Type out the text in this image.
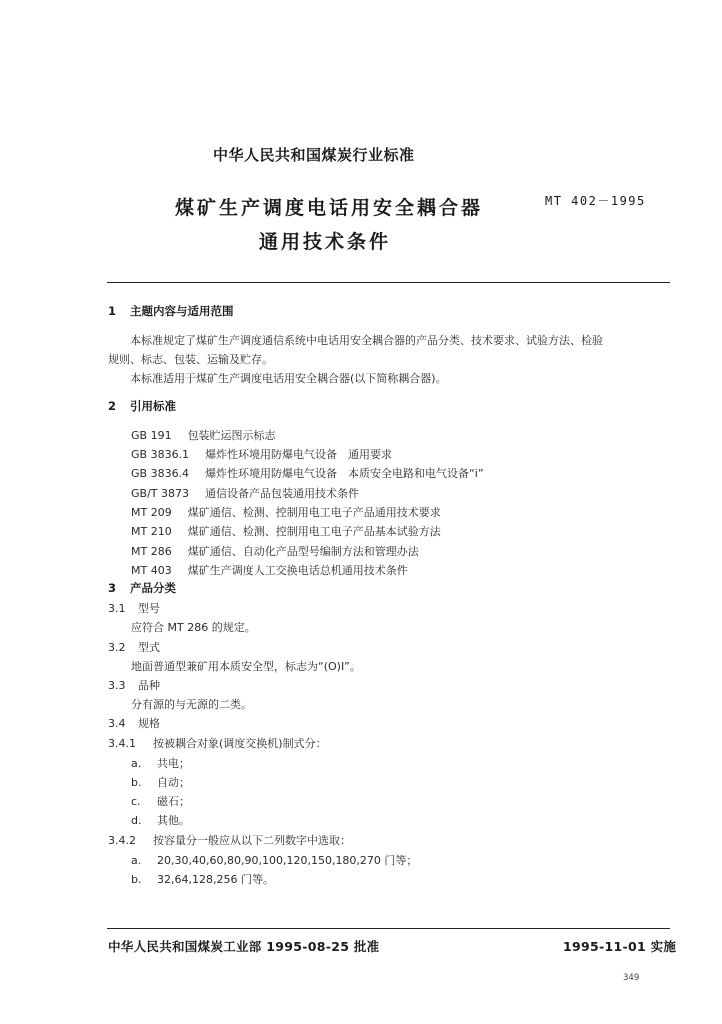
中华人民共和国煤炭行业标准
煤矿生产调度电话用安全耦合器
通用技术条件
MT 402－1995
1 主题内容与适用范围
本标准规定了煤矿生产调度通信系统中电话用安全耦合器的产品分类、技术要求、试验方法、检验
规则、标志、包装、运输及贮存。
本标准适用于煤矿生产调度电话用安全耦合器(以下简称耦合器)。
2 引用标准
GB 191 包装贮运图示标志
GB 3836.1 爆炸性环境用防爆电气设备　通用要求
GB 3836.4 爆炸性环境用防爆电气设备　本质安全电路和电气设备“i”
GB/T 3873 通信设备产品包装通用技术条件
MT 209 煤矿通信、检测、控制用电工电子产品通用技术要求
MT 210 煤矿通信、检测、控制用电工电子产品基本试验方法
MT 286 煤矿通信、自动化产品型号编制方法和管理办法
MT 403 煤矿生产调度人工交换电话总机通用技术条件
3 产品分类
3.1 型号
应符合 MT 286 的规定。
3.2 型式
地面普通型兼矿用本质安全型，标志为“(O)I”。
3.3 品种
分有源的与无源的二类。
3.4 规格
3.4.1 按被耦合对象(调度交换机)制式分：
a. 共电；
b. 自动；
c. 磁石；
d. 其他。
3.4.2 按容量分一般应从以下二列数字中选取：
a. 20,30,40,60,80,90,100,120,150,180,270 门等；
b. 32,64,128,256 门等。
中华人民共和国煤炭工业部 1995-08-25 批准	1995-11-01 实施
349
